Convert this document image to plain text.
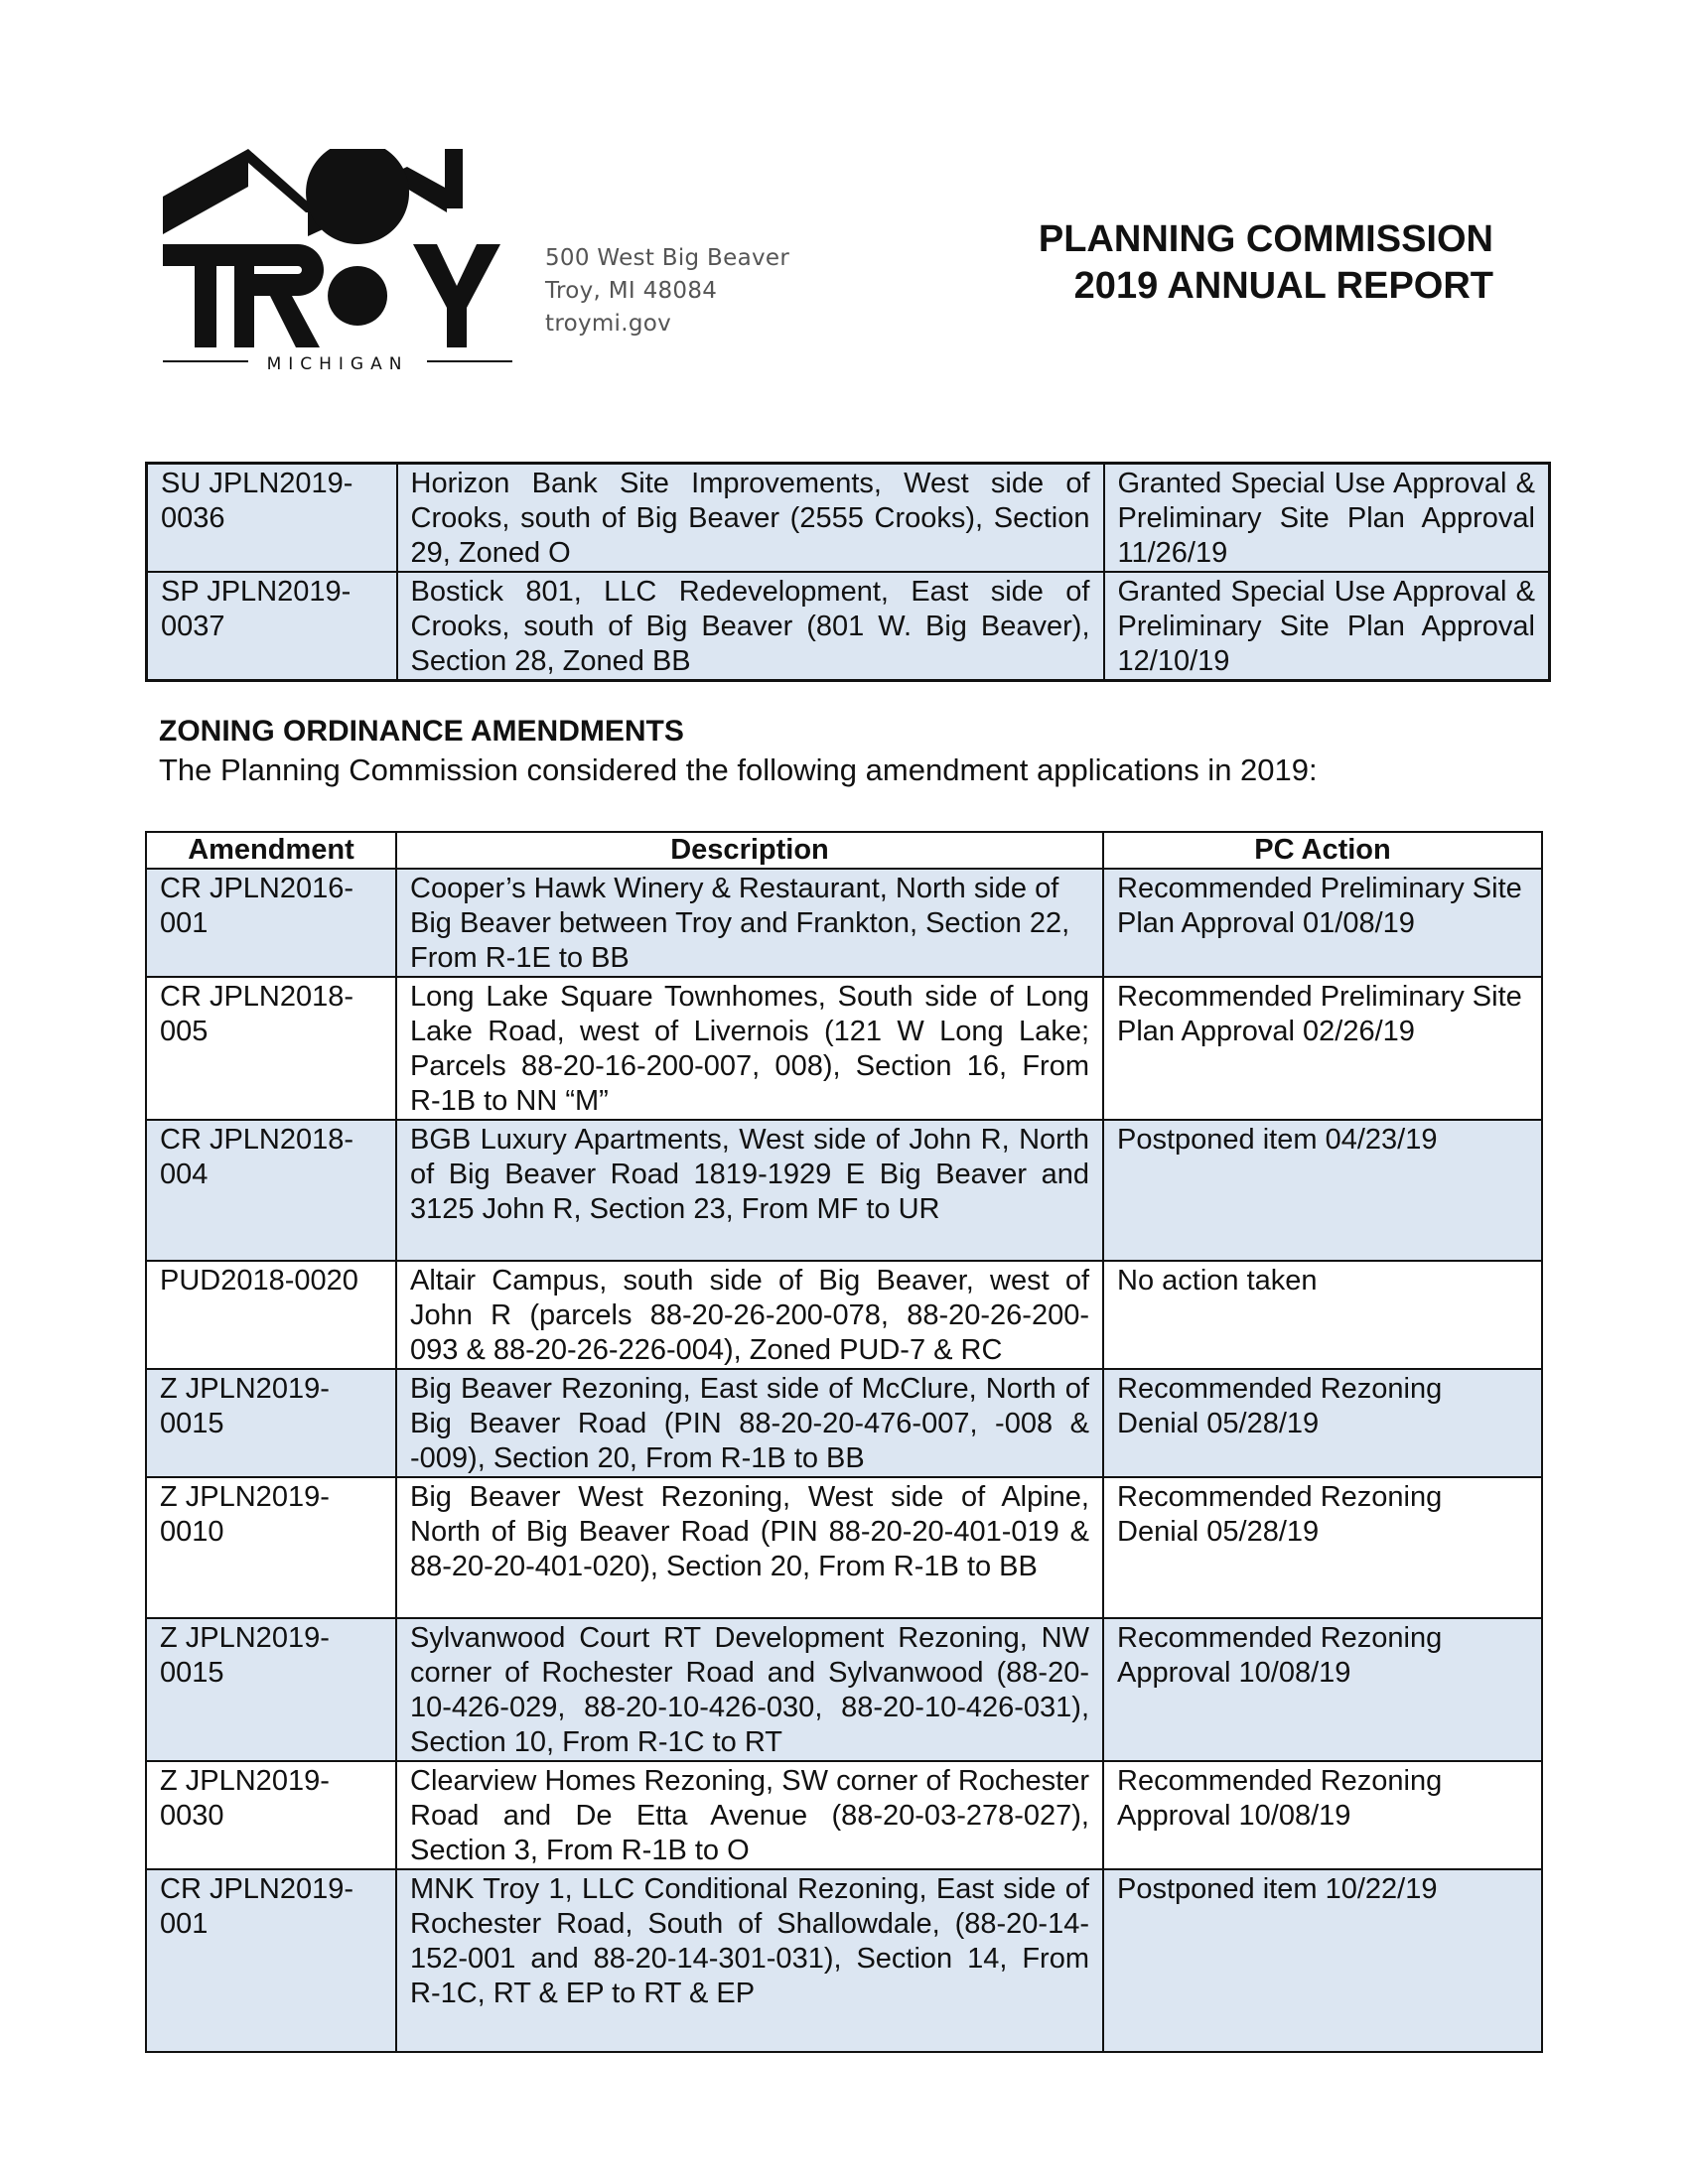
MICHIGAN
500 West Big Beaver
Troy, MI 48084
troymi.gov
PLANNING COMMISSION
2019 ANNUAL REPORT
SU JPLN2019-0036	Horizon Bank Site Improvements, West side of Crooks, south of Big Beaver (2555 Crooks), Section 29, Zoned O	Granted Special Use Approval & Preliminary Site Plan Approval 11/26/19
SP JPLN2019-0037	Bostick 801, LLC Redevelopment, East side of Crooks, south of Big Beaver (801 W. Big Beaver), Section 28, Zoned BB	Granted Special Use Approval & Preliminary Site Plan Approval 12/10/19
ZONING ORDINANCE AMENDMENTS
The Planning Commission considered the following amendment applications in 2019:
Amendment	Description	PC Action
CR JPLN2016-001	Cooper’s Hawk Winery & Restaurant, North side of Big Beaver between Troy and Frankton, Section 22, From R-1E to BB	Recommended Preliminary Site Plan Approval 01/08/19
CR JPLN2018-005	Long Lake Square Townhomes, South side of Long Lake Road, west of Livernois (121 W Long Lake; Parcels 88-20-16-200-007, 008), Section 16, From R-1B to NN “M”	Recommended Preliminary Site Plan Approval 02/26/19
CR JPLN2018-004	BGB Luxury Apartments, West side of John R, North of Big Beaver Road 1819-1929 E Big Beaver and 3125 John R, Section 23, From MF to UR	Postponed item 04/23/19
PUD2018-0020	Altair Campus, south side of Big Beaver, west of John R (parcels 88-20-26-200-078, 88-20-26-200-093 & 88-20-26-226-004), Zoned PUD-7 & RC	No action taken
Z JPLN2019-0015	Big Beaver Rezoning, East side of McClure, North of Big Beaver Road (PIN 88-20-20-476-007, -008 & -009), Section 20, From R-1B to BB	Recommended Rezoning Denial 05/28/19
Z JPLN2019-0010	Big Beaver West Rezoning, West side of Alpine, North of Big Beaver Road (PIN 88-20-20-401-019 & 88-20-20-401-020), Section 20, From R-1B to BB	Recommended Rezoning Denial 05/28/19
Z JPLN2019-0015	Sylvanwood Court RT Development Rezoning, NW corner of Rochester Road and Sylvanwood (88-20-10-426-029, 88-20-10-426-030, 88-20-10-426-031), Section 10, From R-1C to RT	Recommended Rezoning Approval 10/08/19
Z JPLN2019-0030	Clearview Homes Rezoning, SW corner of Rochester Road and De Etta Avenue (88-20-03-278-027), Section 3, From R-1B to O	Recommended Rezoning Approval 10/08/19
CR JPLN2019-001	MNK Troy 1, LLC Conditional Rezoning, East side of Rochester Road, South of Shallowdale, (88-20-14-152-001 and 88-20-14-301-031), Section 14, From R-1C, RT & EP to RT & EP	Postponed item 10/22/19
